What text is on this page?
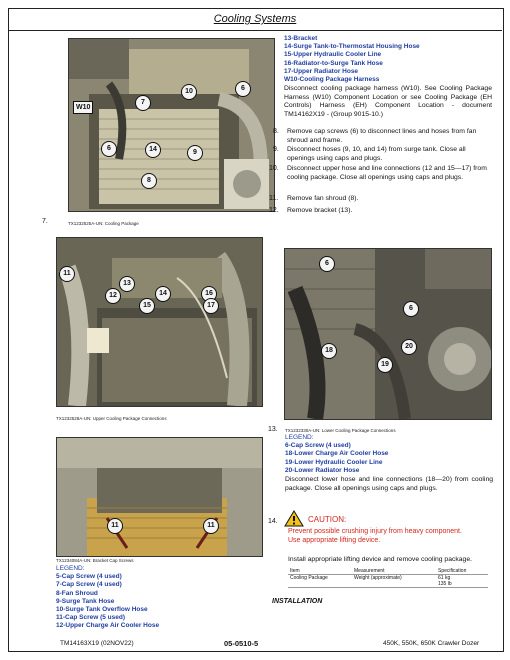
Cooling Systems
W10
7
10	6
6	14	9
8
13-Bracket
14-Surge Tank-to-Thermostat Housing Hose
15-Upper Hydraulic Cooler Line
16-Radiator-to-Surge Tank Hose
17-Upper Radiator Hose
W10-Cooling Package Harness
Disconnect cooling package harness (W10). See Cooling Package Harness (W10) Component Location or see Cooling Package (EH Controls) Harness (EH) Component Location - document TM14162X19 - (Group 9015-10.)
8. Remove cap screws (6) to disconnect lines and hoses from fan shroud and frame.
9. Disconnect hoses (9, 10, and 14) from surge tank. Close all openings using caps and plugs.
10. Disconnect upper hose and line connections (12 and 15—17) from cooling package. Close all openings using caps and plugs.
11. Remove fan shroud (8).
12. Remove bracket (13).
7.	TX1232525A-UN: Cooling Package
11
13
12	14
15
16
17
TX1232528A-UN: Upper Cooling Package Connections
6
6
18
19
20
13. TX1232330A-UN: Lower Cooling Package Connections
LEGEND:
6-Cap Screw (4 used)
18-Lower Charge Air Cooler Hose
19-Lower Hydraulic Cooler Line
20-Lower Radiator Hose
Disconnect lower hose and line connections (18—20) from cooling package. Close all openings using caps and plugs.
11	11
TX1234084A-UN: Bracket Cap Screws
LEGEND:
5-Cap Screw (4 used)
7-Cap Screw (4 used)
8-Fan Shroud
9-Surge Tank Hose
10-Surge Tank Overflow Hose
11-Cap Screw (5 used)
12-Upper Charge Air Cooler Hose
14.	CAUTION:
Prevent possible crushing injury from heavy component.
Use appropriate lifting device.
Install appropriate lifting device and remove cooling package.
Item	Measurement	Specification
Cooling Package	Weight (approximate)	61 kg
135 lb
INSTALLATION
TM14163X19 (02NOV22)	05-0510-5	450K, 550K, 650K Crawler Dozer
